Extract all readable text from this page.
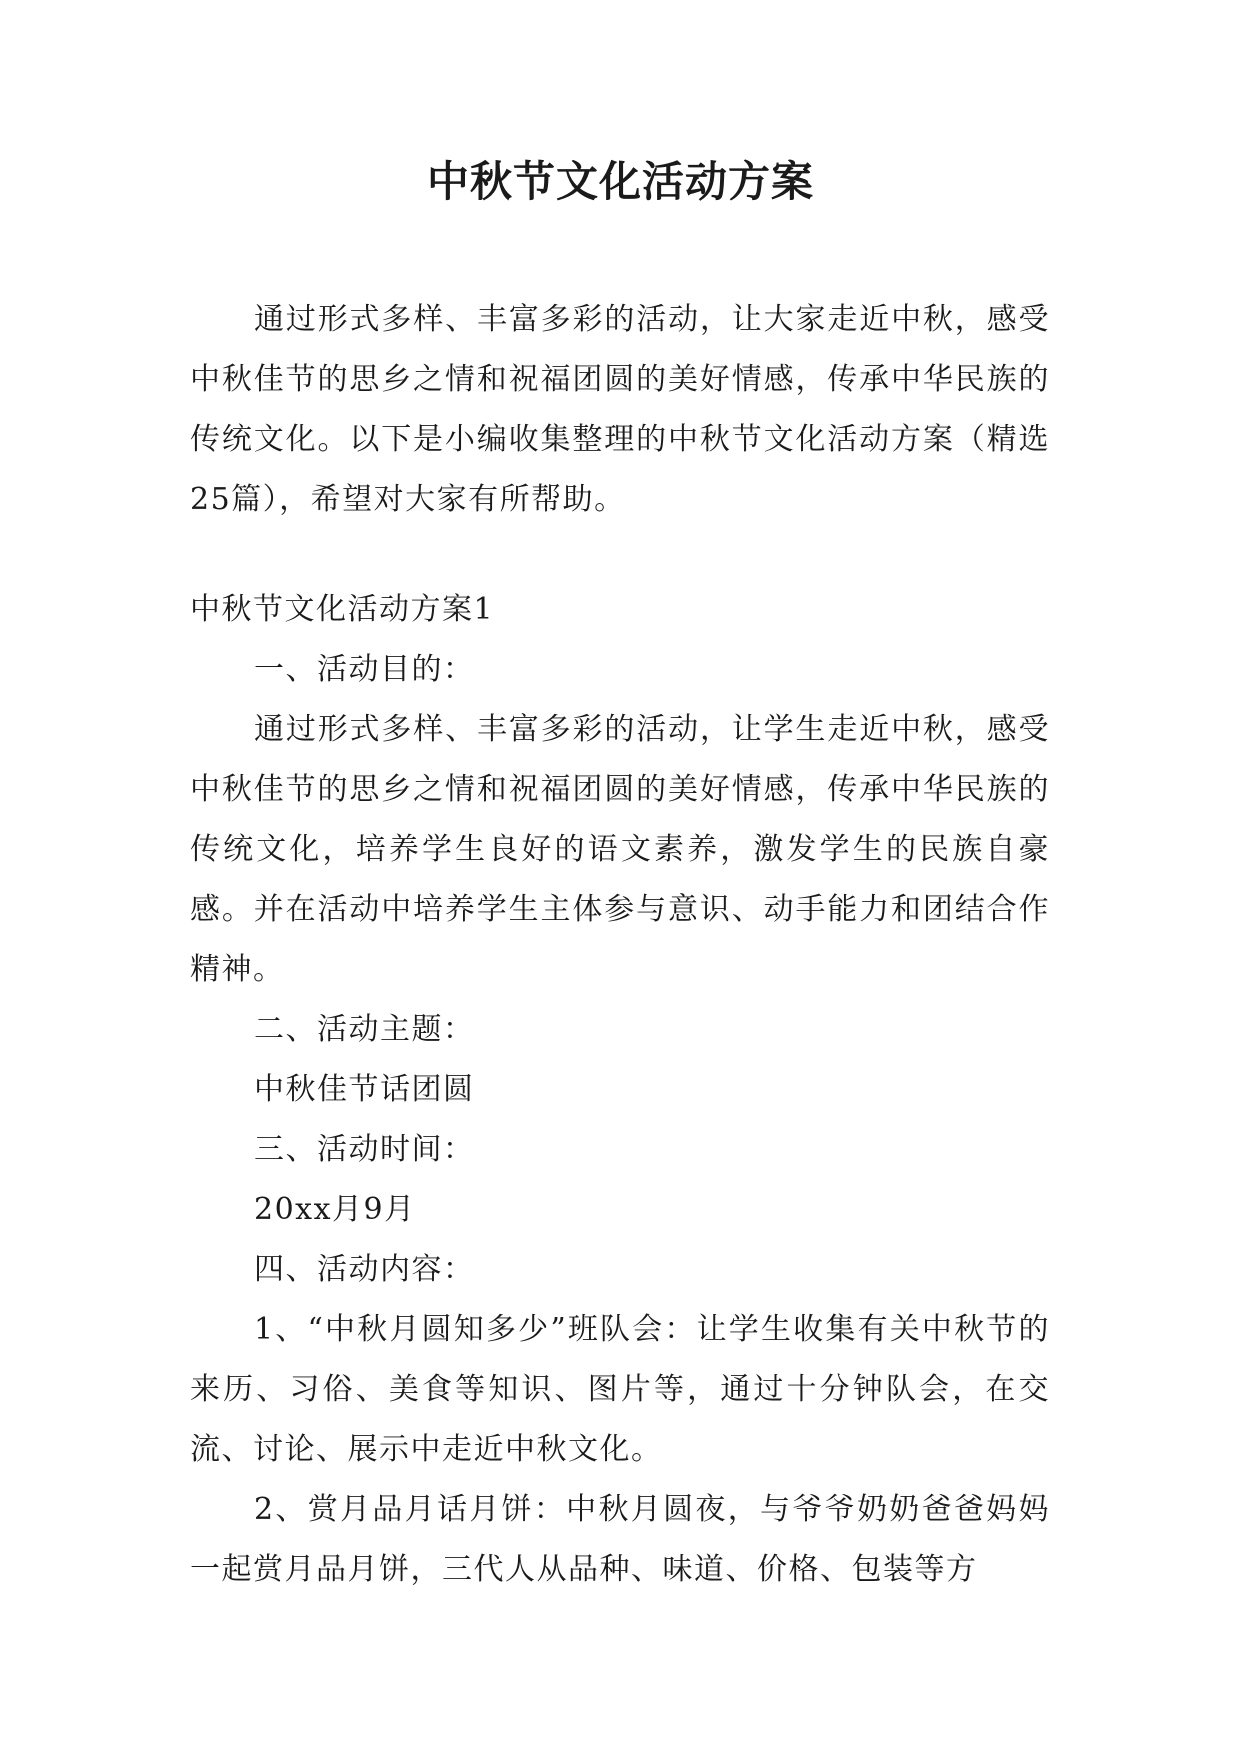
中秋节文化活动方案

通过形式多样、丰富多彩的活动，让大家走近中秋，感受中秋佳节的思乡之情和祝福团圆的美好情感，传承中华民族的传统文化。以下是小编收集整理的中秋节文化活动方案（精选25篇），希望对大家有所帮助。

中秋节文化活动方案1

一、活动目的：

通过形式多样、丰富多彩的活动，让学生走近中秋，感受中秋佳节的思乡之情和祝福团圆的美好情感，传承中华民族的传统文化，培养学生良好的语文素养，激发学生的民族自豪感。并在活动中培养学生主体参与意识、动手能力和团结合作精神。

二、活动主题：

中秋佳节话团圆

三、活动时间：

20xx月9月

四、活动内容：

1、“中秋月圆知多少”班队会：让学生收集有关中秋节的来历、习俗、美食等知识、图片等，通过十分钟队会，在交流、讨论、展示中走近中秋文化。

2、赏月品月话月饼：中秋月圆夜，与爷爷奶奶爸爸妈妈一起赏月品月饼，三代人从品种、味道、价格、包装等方
